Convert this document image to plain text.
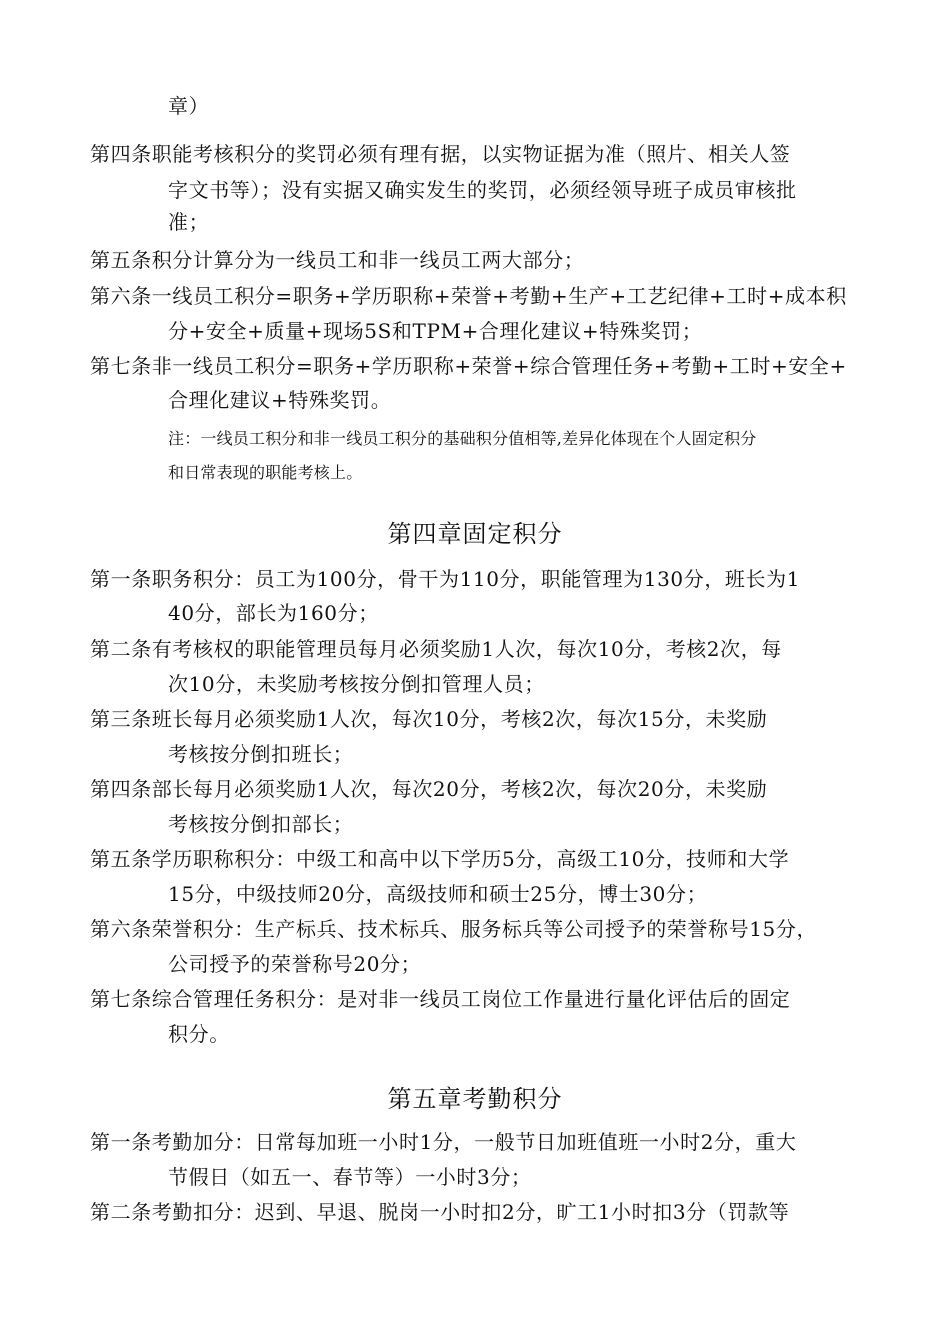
章）
第四条职能考核积分的奖罚必须有理有据，以实物证据为准（照片、相关人签
字文书等）；没有实据又确实发生的奖罚，必须经领导班子成员审核批
准；
第五条积分计算分为一线员工和非一线员工两大部分；
第六条一线员工积分=职务+学历职称+荣誉+考勤+生产+工艺纪律+工时+成本积
分+安全+质量+现场5S和TPM+合理化建议+特殊奖罚；
第七条非一线员工积分=职务+学历职称+荣誉+综合管理任务+考勤+工时+安全+
合理化建议+特殊奖罚。
注：一线员工积分和非一线员工积分的基础积分值相等,差异化体现在个人固定积分
和日常表现的职能考核上。
第四章固定积分
第一条职务积分：员工为100分，骨干为110分，职能管理为130分，班长为1
40分，部长为160分；
第二条有考核权的职能管理员每月必须奖励1人次，每次10分，考核2次，每
次10分，未奖励考核按分倒扣管理人员；
第三条班长每月必须奖励1人次，每次10分，考核2次，每次15分，未奖励
考核按分倒扣班长；
第四条部长每月必须奖励1人次，每次20分，考核2次，每次20分，未奖励
考核按分倒扣部长；
第五条学历职称积分：中级工和高中以下学历5分，高级工10分，技师和大学
15分，中级技师20分，高级技师和硕士25分，博士30分；
第六条荣誉积分：生产标兵、技术标兵、服务标兵等公司授予的荣誉称号15分，
公司授予的荣誉称号20分；
第七条综合管理任务积分：是对非一线员工岗位工作量进行量化评估后的固定
积分。
第五章考勤积分
第一条考勤加分：日常每加班一小时1分，一般节日加班值班一小时2分，重大
节假日（如五一、春节等）一小时3分；
第二条考勤扣分：迟到、早退、脱岗一小时扣2分，旷工1小时扣3分（罚款等
